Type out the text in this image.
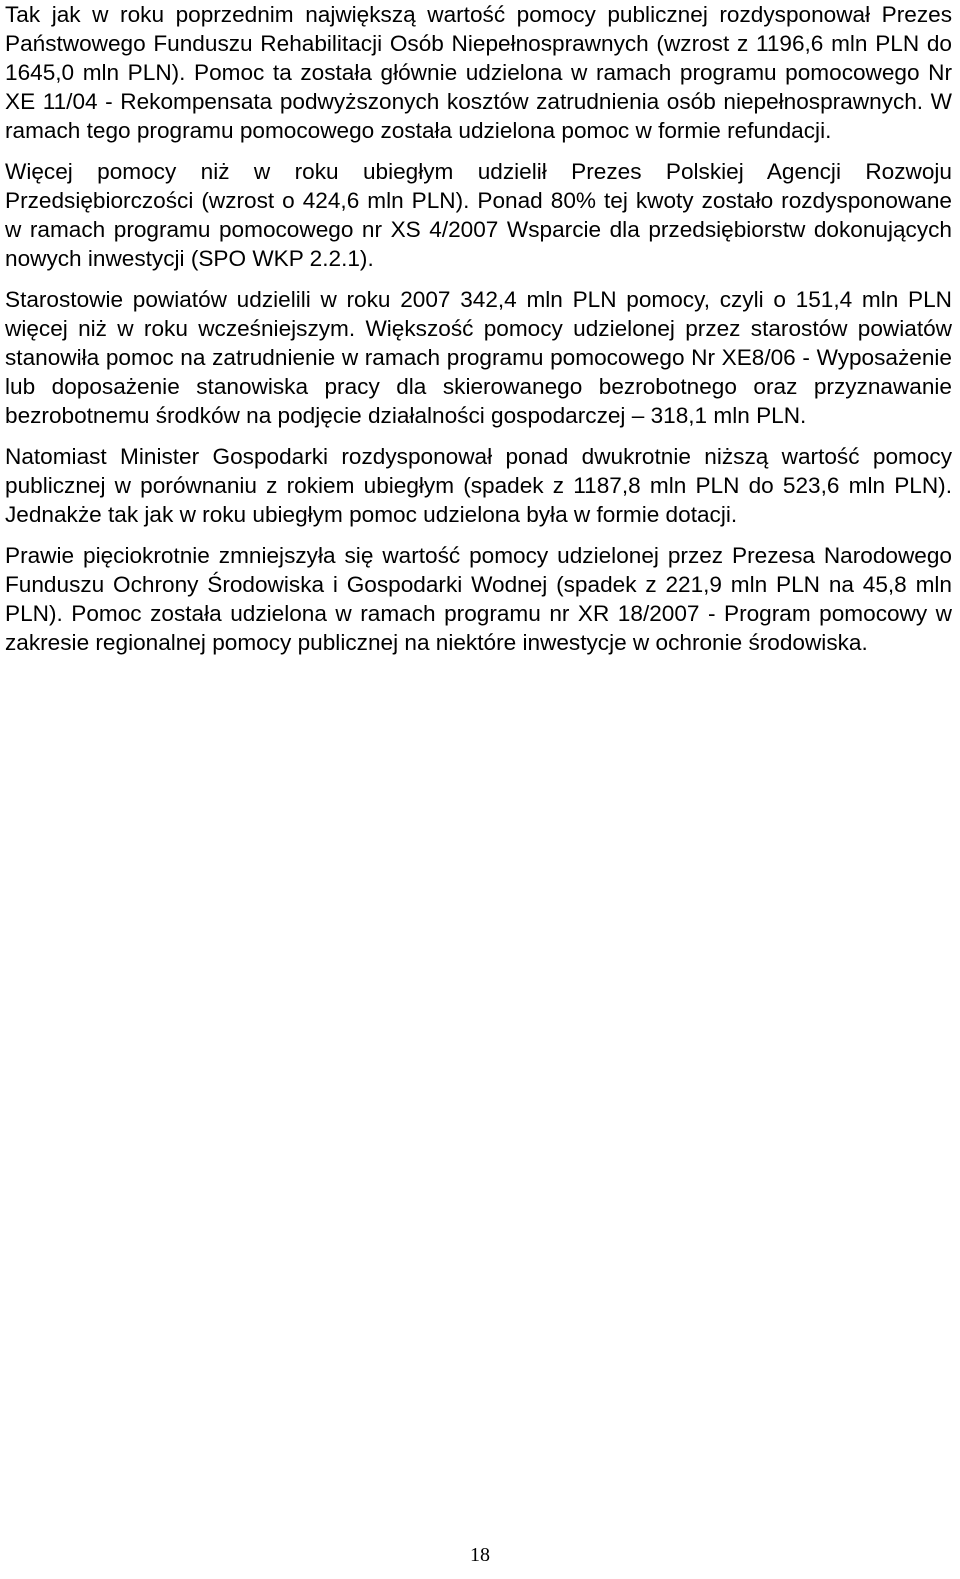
Tak jak w roku poprzednim największą wartość pomocy publicznej rozdysponował Prezes Państwowego Funduszu Rehabilitacji Osób Niepełnosprawnych (wzrost z 1196,6 mln PLN do 1645,0 mln PLN). Pomoc ta została głównie udzielona w ramach programu pomocowego Nr XE 11/04 - Rekompensata podwyższonych kosztów zatrudnienia osób niepełnosprawnych. W ramach tego programu pomocowego została udzielona pomoc w formie refundacji.

Więcej pomocy niż w roku ubiegłym udzielił Prezes Polskiej Agencji Rozwoju Przedsiębiorczości (wzrost o 424,6 mln PLN). Ponad 80% tej kwoty zostało rozdysponowane w ramach programu pomocowego nr XS 4/2007 Wsparcie dla przedsiębiorstw dokonujących nowych inwestycji (SPO WKP 2.2.1).

Starostowie powiatów udzielili w roku 2007 342,4 mln PLN pomocy, czyli o 151,4 mln PLN więcej niż w roku wcześniejszym. Większość pomocy udzielonej przez starostów powiatów stanowiła pomoc na zatrudnienie w ramach programu pomocowego Nr XE8/06 - Wyposażenie lub doposażenie stanowiska pracy dla skierowanego bezrobotnego oraz przyznawanie bezrobotnemu środków na podjęcie działalności gospodarczej – 318,1 mln PLN.

Natomiast Minister Gospodarki rozdysponował ponad dwukrotnie niższą wartość pomocy publicznej w porównaniu z rokiem ubiegłym (spadek z 1187,8 mln PLN do 523,6 mln PLN). Jednakże tak jak w roku ubiegłym pomoc udzielona była w formie dotacji.

Prawie pięciokrotnie zmniejszyła się wartość pomocy udzielonej przez Prezesa Narodowego Funduszu Ochrony Środowiska i Gospodarki Wodnej (spadek z 221,9 mln PLN na 45,8 mln PLN). Pomoc została udzielona w ramach programu nr XR 18/2007 - Program pomocowy w zakresie regionalnej pomocy publicznej na niektóre inwestycje w ochronie środowiska.

18
